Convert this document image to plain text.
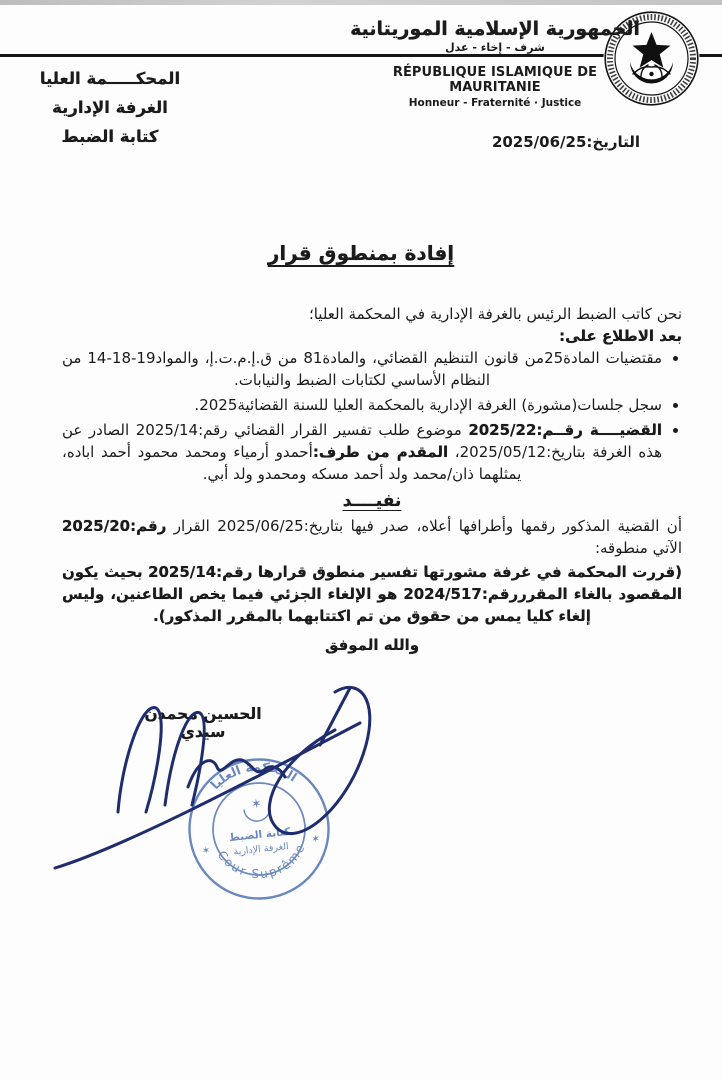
الجمهورية الإسلامية الموريتانية
شرف - إخاء - عدل
RÉPUBLIQUE ISLAMIQUE DE MAURITANIE
Honneur - Fraternité · Justice
المحكـــــمة العليا
الغرفة الإدارية
كتابة الضبط	التاريخ:2025/06/25
إفادة بمنطوق قرار

نحن كاتب الضبط الرئيس بالغرفة الإدارية في المحكمة العليا؛

بعد الاطلاع على:

• مقتضيات المادة25من قانون التنظيم القضائي، والمادة81 من ق.إ.م.ت.إ، والمواد19-18-14 من النظام الأساسي لكتابات الضبط والنيابات.
• سجل جلسات(مشورة) الغرفة الإدارية بالمحكمة العليا للسنة القضائية2025.
• القضيــــة رقــم:2025/22 موضوع طلب تفسير القرار القضائي رقم:2025/14 الصادر عن هذه الغرفة بتاريخ:2025/05/12، المقدم من طرف:أحمدو أرمياء ومحمد محمود أحمد اباده، يمثلهما ذان/محمد ولد أحمد مسكه ومحمدو ولد أبي.

نفيــــد

أن القضية المذكور رقمها وأطرافها أعلاه، صدر فيها بتاريخ:2025/06/25 القرار رقم:2025/20 الآتي منطوقه:

(قررت المحكمة في غرفة مشورتها تفسير منطوق قرارها رقم:2025/14 بحيث يكون المقصود بالغاء المقرررقم:2024/517 هو الإلغاء الجزئي فيما يخص الطاعنين، وليس إلغاء كليا يمس من حقوق من تم اكتتابهما بالمقرر المذكور).

والله الموفق

الحسين محمدن سيدي
المحكمة العليا
Cour Suprême
✶
✶
✶
كتابة الضبط
الغرفة الإدارية
